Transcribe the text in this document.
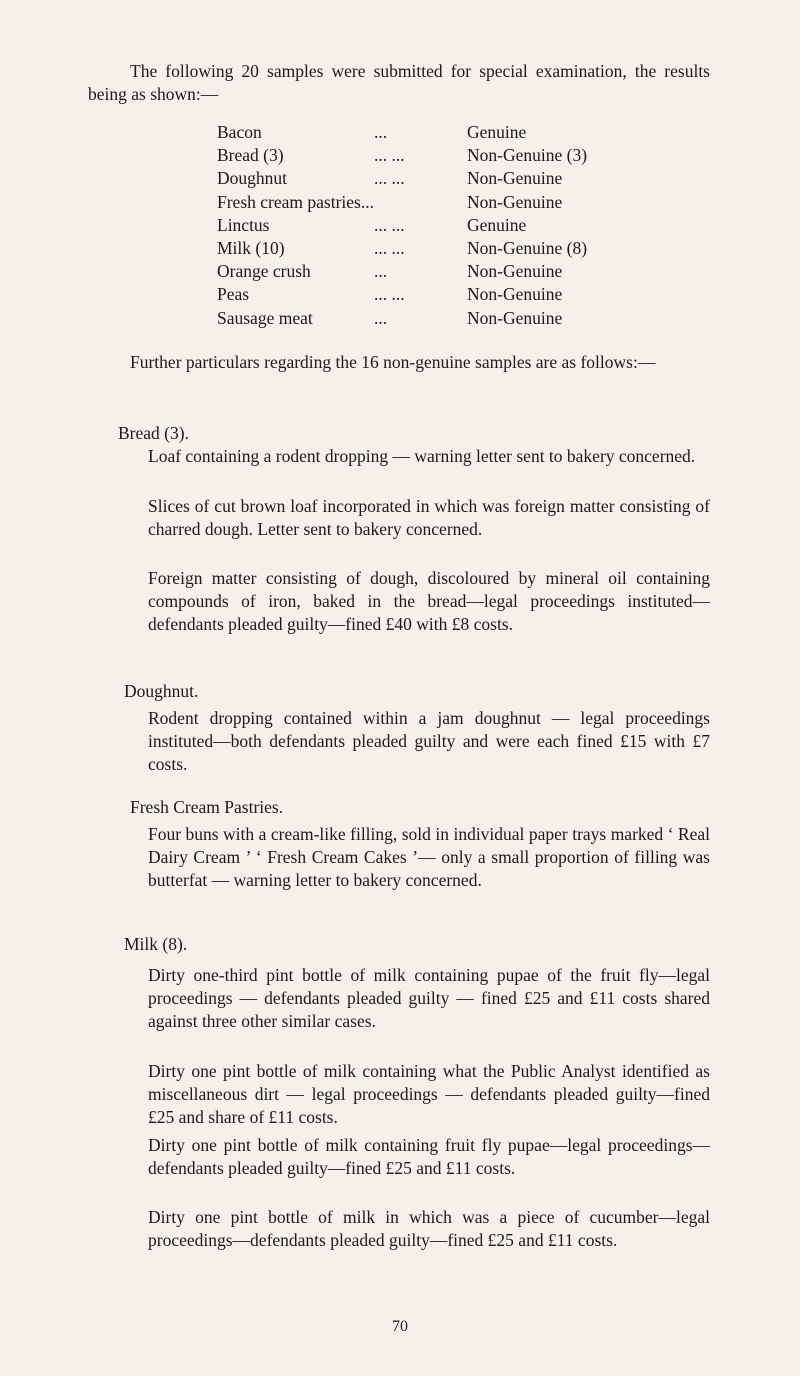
The following 20 samples were submitted for special examination, the results being as shown:—
Bacon	...	Genuine
Bread (3)	... ...	Non-Genuine (3)
Doughnut	... ...	Non-Genuine
Fresh cream pastries...		Non-Genuine
Linctus	... ...	Genuine
Milk (10)	... ...	Non-Genuine (8)
Orange crush	...	Non-Genuine
Peas	... ...	Non-Genuine
Sausage meat	...	Non-Genuine
Further particulars regarding the 16 non-genuine samples are as follows:—
Bread (3).
Loaf containing a rodent dropping — warning letter sent to bakery concerned.
Slices of cut brown loaf incorporated in which was foreign matter consisting of charred dough. Letter sent to bakery concerned.
Foreign matter consisting of dough, discoloured by mineral oil containing compounds of iron, baked in the bread—legal proceedings instituted—defendants pleaded guilty—fined £40 with £8 costs.
Doughnut.
Rodent dropping contained within a jam doughnut — legal proceedings instituted—both defendants pleaded guilty and were each fined £15 with £7 costs.
Fresh Cream Pastries.
Four buns with a cream-like filling, sold in individual paper trays marked ‘ Real Dairy Cream ’ ‘ Fresh Cream Cakes ’— only a small proportion of filling was butterfat — warning letter to bakery concerned.
Milk (8).
Dirty one-third pint bottle of milk containing pupae of the fruit fly—legal proceedings — defendants pleaded guilty — fined £25 and £11 costs shared against three other similar cases.
Dirty one pint bottle of milk containing what the Public Analyst identified as miscellaneous dirt — legal proceedings — defendants pleaded guilty—fined £25 and share of £11 costs.
Dirty one pint bottle of milk containing fruit fly pupae—legal proceedings—defendants pleaded guilty—fined £25 and £11 costs.
Dirty one pint bottle of milk in which was a piece of cucumber—legal proceedings—defendants pleaded guilty—fined £25 and £11 costs.
70
